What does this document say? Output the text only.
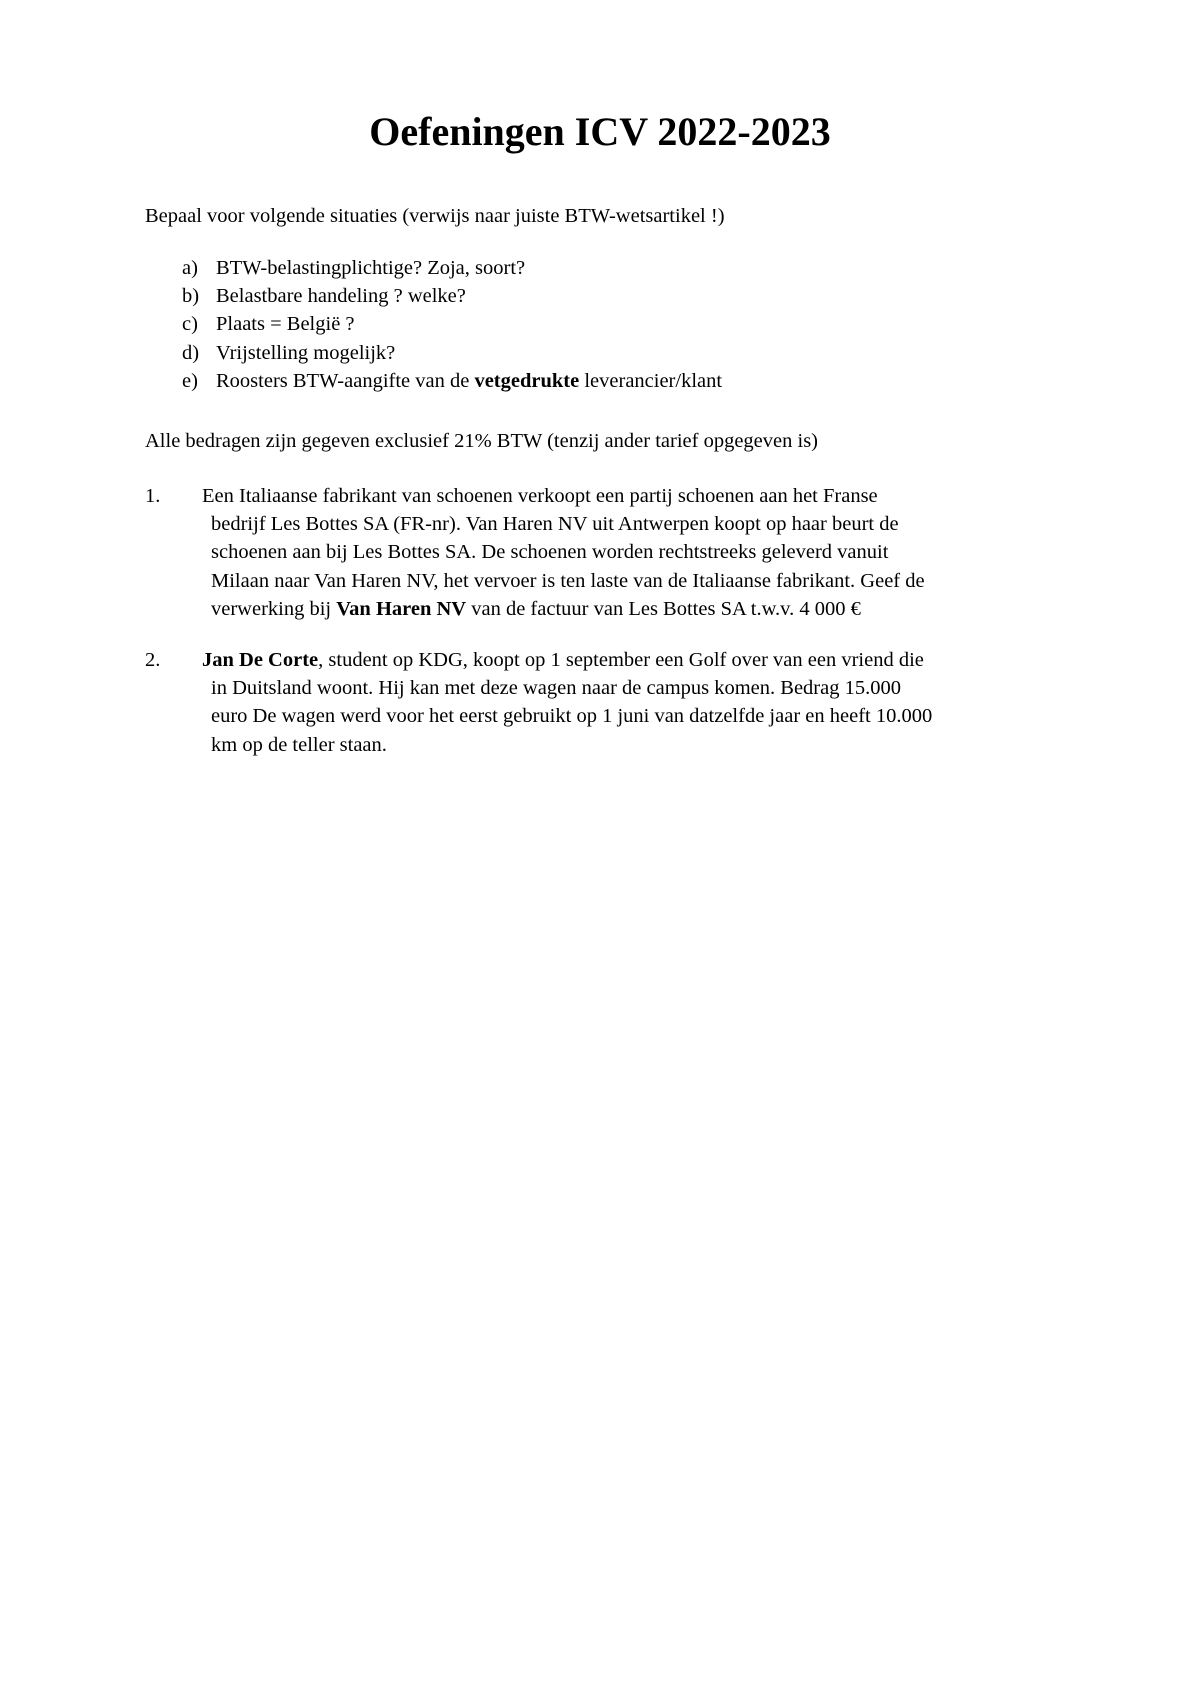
Oefeningen ICV 2022-2023
Bepaal voor volgende situaties (verwijs naar juiste BTW-wetsartikel !)
a) BTW-belastingplichtige? Zoja, soort?
b) Belastbare handeling ? welke?
c) Plaats = België ?
d) Vrijstelling mogelijk?
e) Roosters BTW-aangifte van de vetgedrukte leverancier/klant
Alle bedragen zijn gegeven exclusief 21% BTW (tenzij ander tarief opgegeven is)
1. Een Italiaanse fabrikant van schoenen verkoopt een partij schoenen aan het Franse
bedrijf Les Bottes SA (FR-nr). Van Haren NV uit Antwerpen koopt op haar beurt de
schoenen aan bij Les Bottes SA. De schoenen worden rechtstreeks geleverd vanuit
Milaan naar Van Haren NV, het vervoer is ten laste van de Italiaanse fabrikant. Geef de
verwerking bij Van Haren NV van de factuur van Les Bottes SA t.w.v. 4 000 €
2. Jan De Corte, student op KDG, koopt op 1 september een Golf over van een vriend die
in Duitsland woont. Hij kan met deze wagen naar de campus komen. Bedrag 15.000
euro De wagen werd voor het eerst gebruikt op 1 juni van datzelfde jaar en heeft 10.000
km op de teller staan.
